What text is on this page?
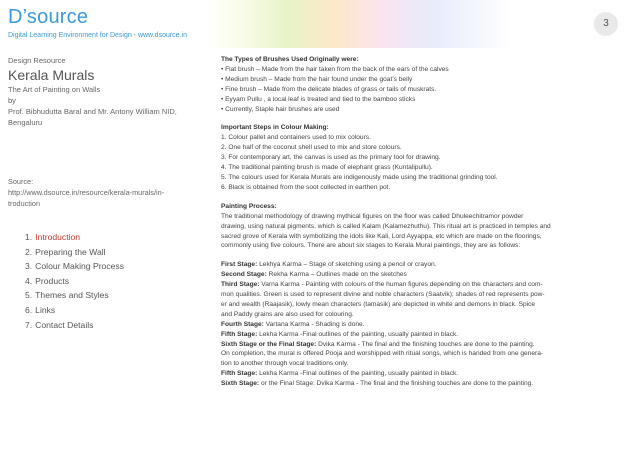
D’source
Digital Learning Environment for Design - www.dsource.in
3
Design Resource
Kerala Murals
The Art of Painting on Walls
by
Prof. Bibhudutta Baral and Mr. Antony William NID, Bengaluru
Source:
http://www.dsource.in/resource/kerala-murals/in-
troduction
1. Introduction
2. Preparing the Wall
3. Colour Making Process
4. Products
5. Themes and Styles
6. Links
7. Contact Details
The Types of Brushes Used Originally were:

• Flat brush – Made from the hair taken from the back of the ears of the calves

• Medium brush – Made from the hair found under the goat’s belly

• Fine brush – Made from the delicate blades of grass or tails of muskrats.

• Eyyam Pullu , a local leaf is treated and tied to the bamboo sticks

• Currently, Staple hair brushes are used

Important Steps in Colour Making:

1. Colour pallet and containers used to mix colours.

2. One half of the coconut shell used to mix and store colours.

3. For contemporary art, the canvas is used as the primary tool for drawing.

4. The traditional painting brush is made of elephant grass (Kuntalipullu).

5. The colours used for Kerala Murals are indigenously made using the traditional grinding tool.

6. Black is obtained from the soot collected in earthen pot.

Painting Process:

The traditional methodology of drawing mythical figures on the floor was called Dhuleechitramor powder

drawing, using natural pigments, which is called Kalam (Kalamezhuthu). This ritual art is practiced in temples and

sacred grove of Kerala with symbolizing the idols like Kali, Lord Ayyappa, etc which are made on the floorings,

commonly using five colours. There are about six stages to Kerala Mural paintings, they are as follows:

First Stage: Lekhya Karma – Stage of sketching using a pencil or crayon.

Second Stage: Rekha Karma – Outlines made on the sketches

Third Stage: Varna Karma - Painting with colours of the human figures depending on the characters and com-

mon qualities. Green is used to represent divine and noble characters (Saatvik); shades of red represents pow-

er and wealth (Raajasik), lowly mean characters (tamasik) are depicted in white and demons in black. Spice

and Paddy grains are also used for colouring.

Fourth Stage: Vartana Karma - Shading is done.

Fifth Stage: Lekha Karma -Final outlines of the painting, usually painted in black.

Sixth Stage or the Final Stage: Dvika Karma - The final and the finishing touches are done to the painting.

On completion, the mural is offered Pooja and worshipped with ritual songs, which is handed from one genera-

tion to another through vocal traditions only.

Fifth Stage: Lekha Karma -Final outlines of the painting, usually painted in black.

Sixth Stage: or the Final Stage: Dvika Karma - The final and the finishing touches are done to the painting.
